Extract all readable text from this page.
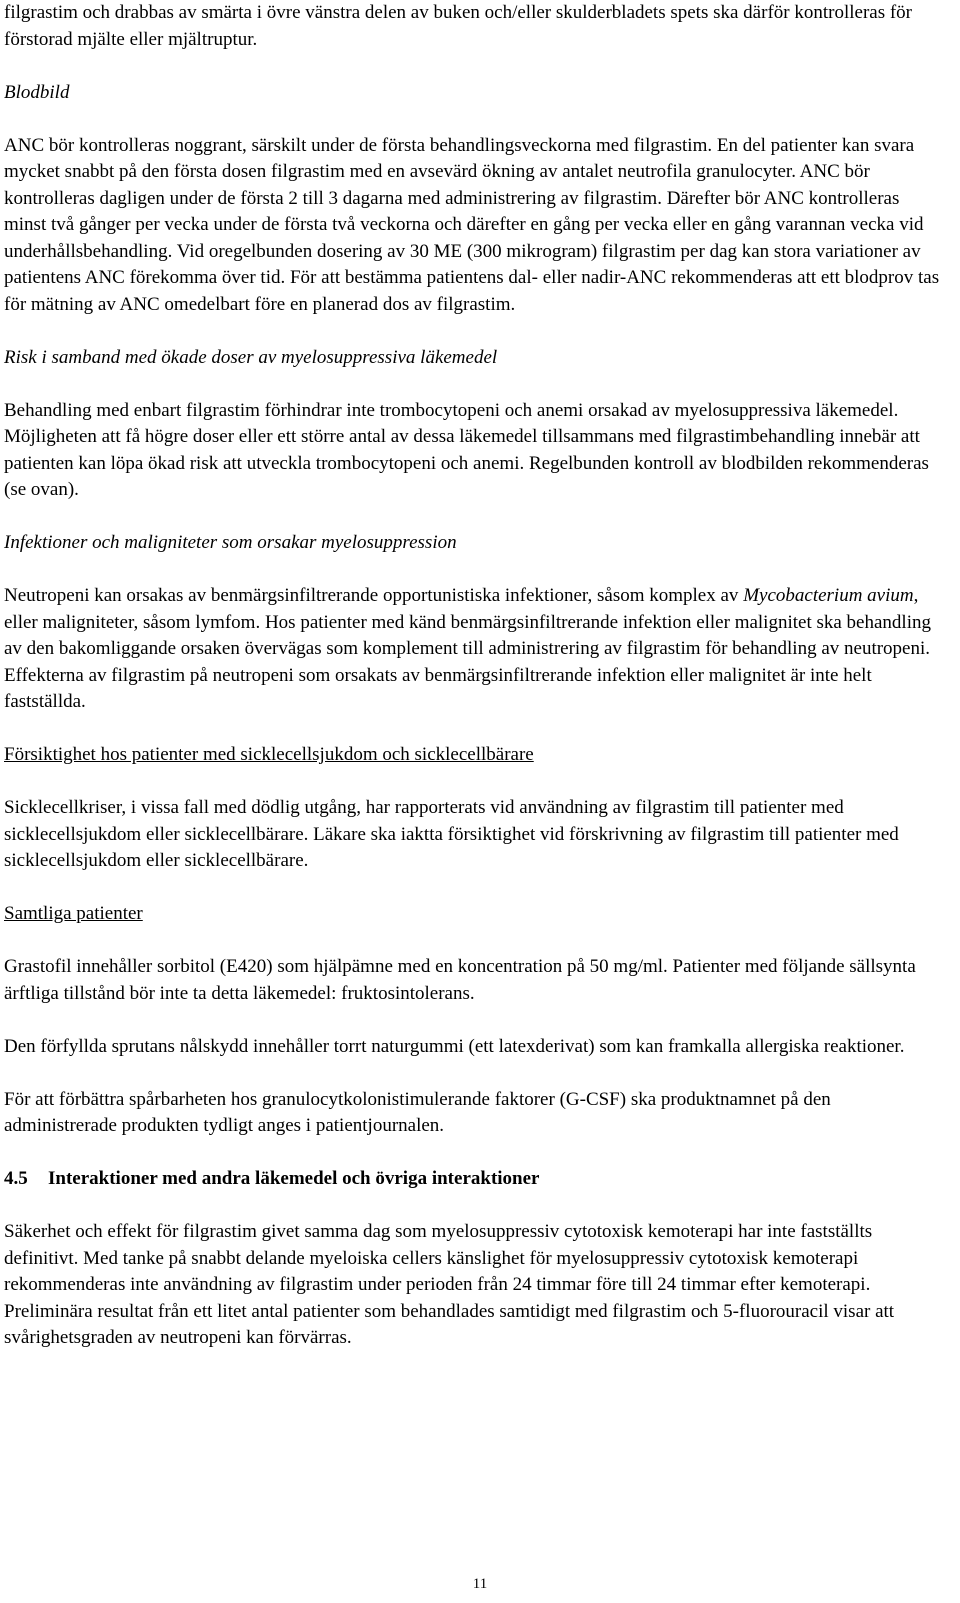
filgrastim och drabbas av smärta i övre vänstra delen av buken och/eller skulderbladets spets ska därför kontrolleras för förstorad mjälte eller mjältruptur.

Blodbild

ANC bör kontrolleras noggrant, särskilt under de första behandlingsveckorna med filgrastim. En del patienter kan svara mycket snabbt på den första dosen filgrastim med en avsevärd ökning av antalet neutrofila granulocyter. ANC bör kontrolleras dagligen under de första 2 till 3 dagarna med administrering av filgrastim. Därefter bör ANC kontrolleras minst två gånger per vecka under de första två veckorna och därefter en gång per vecka eller en gång varannan vecka vid underhållsbehandling. Vid oregelbunden dosering av 30 ME (300 mikrogram) filgrastim per dag kan stora variationer av patientens ANC förekomma över tid. För att bestämma patientens dal- eller nadir-ANC rekommenderas att ett blodprov tas för mätning av ANC omedelbart före en planerad dos av filgrastim.

Risk i samband med ökade doser av myelosuppressiva läkemedel

Behandling med enbart filgrastim förhindrar inte trombocytopeni och anemi orsakad av myelosuppressiva läkemedel. Möjligheten att få högre doser eller ett större antal av dessa läkemedel tillsammans med filgrastimbehandling innebär att patienten kan löpa ökad risk att utveckla trombocytopeni och anemi. Regelbunden kontroll av blodbilden rekommenderas (se ovan).

Infektioner och maligniteter som orsakar myelosuppression

Neutropeni kan orsakas av benmärgsinfiltrerande opportunistiska infektioner, såsom komplex av Mycobacterium avium, eller maligniteter, såsom lymfom. Hos patienter med känd benmärgsinfiltrerande infektion eller malignitet ska behandling av den bakomliggande orsaken övervägas som komplement till administrering av filgrastim för behandling av neutropeni. Effekterna av filgrastim på neutropeni som orsakats av benmärgsinfiltrerande infektion eller malignitet är inte helt fastställda.

Försiktighet hos patienter med sicklecellsjukdom och sicklecellbärare

Sicklecellkriser, i vissa fall med dödlig utgång, har rapporterats vid användning av filgrastim till patienter med sicklecellsjukdom eller sicklecellbärare. Läkare ska iaktta försiktighet vid förskrivning av filgrastim till patienter med sicklecellsjukdom eller sicklecellbärare.

Samtliga patienter

Grastofil innehåller sorbitol (E420) som hjälpämne med en koncentration på 50 mg/ml. Patienter med följande sällsynta ärftliga tillstånd bör inte ta detta läkemedel: fruktosintolerans.

Den förfyllda sprutans nålskydd innehåller torrt naturgummi (ett latexderivat) som kan framkalla allergiska reaktioner.

För att förbättra spårbarheten hos granulocytkolonistimulerande faktorer (G-CSF) ska produktnamnet på den administrerade produkten tydligt anges i patientjournalen.

4.5 Interaktioner med andra läkemedel och övriga interaktioner

Säkerhet och effekt för filgrastim givet samma dag som myelosuppressiv cytotoxisk kemoterapi har inte fastställts definitivt. Med tanke på snabbt delande myeloiska cellers känslighet för myelosuppressiv cytotoxisk kemoterapi rekommenderas inte användning av filgrastim under perioden från 24 timmar före till 24 timmar efter kemoterapi. Preliminära resultat från ett litet antal patienter som behandlades samtidigt med filgrastim och 5-fluorouracil visar att svårighetsgraden av neutropeni kan förvärras.

11
